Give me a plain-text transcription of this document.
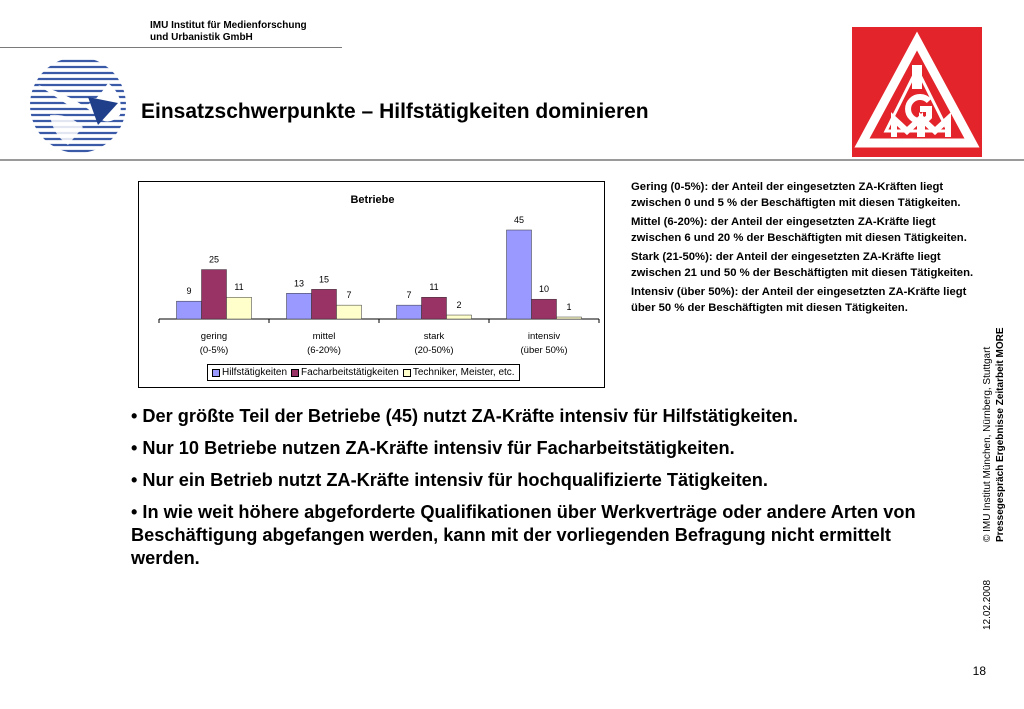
IMU Institut für Medienforschung
und Urbanistik GmbH
Einsatzschwerpunkte – Hilfstätigkeiten dominieren
Betriebe
9
25
11
gering
(0-5%)
13 15
7
mittel
(6-20%)
7
11
2
stark
(20-50%)
45
10
1
intensiv
(über 50%)
Hilfstätigkeiten Facharbeitstätigkeiten Techniker, Meister, etc.

Gering (0-5%): der Anteil der eingesetzten ZA-Kräften liegt zwischen 0 und 5 % der Beschäftigten mit diesen Tätigkeiten.

Mittel (6-20%): der Anteil der eingesetzten ZA-Kräfte liegt zwischen 6 und 20 % der Beschäftigten mit diesen Tätigkeiten.

Stark (21-50%): der Anteil der eingesetzten ZA-Kräfte liegt zwischen 21 und 50 % der Beschäftigten mit diesen Tätigkeiten.

Intensiv (über 50%): der Anteil der eingesetzten ZA-Kräfte liegt über 50 % der Beschäftigten mit diesen Tätigkeiten.

• Der größte Teil der Betriebe (45) nutzt ZA-Kräfte intensiv für Hilfstätigkeiten.
• Nur 10 Betriebe nutzen ZA-Kräfte intensiv für Facharbeitstätigkeiten.
• Nur ein Betrieb nutzt ZA-Kräfte intensiv für hochqualifizierte Tätigkeiten.
• In wie weit höhere abgeforderte Qualifikationen über Werkverträge oder andere Arten von Beschäftigung abgefangen werden, kann mit der vorliegenden Befragung nicht ermittelt werden.
© IMU Institut München, Nürnberg, Stuttgart Pressegespräch Ergebnisse Zeitarbeit MORE
12.02.2008
18
